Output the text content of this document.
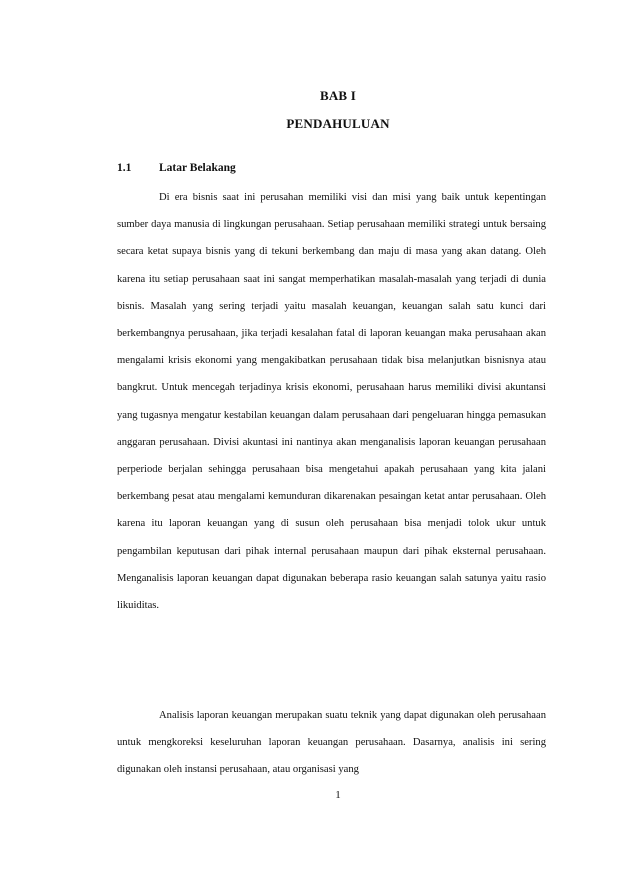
BAB I
PENDAHULUAN
1.1 Latar Belakang

Di era bisnis saat ini perusahan memiliki visi dan misi yang baik untuk kepentingan sumber daya manusia di lingkungan perusahaan. Setiap perusahaan memiliki strategi untuk bersaing secara ketat supaya bisnis yang di tekuni berkembang dan maju di masa yang akan datang. Oleh karena itu setiap perusahaan saat ini sangat memperhatikan masalah-masalah yang terjadi di dunia bisnis. Masalah yang sering terjadi yaitu masalah keuangan, keuangan salah satu kunci dari berkembangnya perusahaan, jika terjadi kesalahan fatal di laporan keuangan maka perusahaan akan mengalami krisis ekonomi yang mengakibatkan perusahaan tidak bisa melanjutkan bisnisnya atau bangkrut. Untuk mencegah terjadinya krisis ekonomi, perusahaan harus memiliki divisi akuntansi yang tugasnya mengatur kestabilan keuangan dalam perusahaan dari pengeluaran hingga pemasukan anggaran perusahaan. Divisi akuntasi ini nantinya akan menganalisis laporan keuangan perusahaan perperiode berjalan sehingga perusahaan bisa mengetahui apakah perusahaan yang kita jalani berkembang pesat atau mengalami kemunduran dikarenakan pesaingan ketat antar perusahaan. Oleh karena itu laporan keuangan yang di susun oleh perusahaan bisa menjadi tolok ukur untuk pengambilan keputusan dari pihak internal perusahaan maupun dari pihak eksternal perusahaan. Menganalisis laporan keuangan dapat digunakan beberapa rasio keuangan salah satunya yaitu rasio likuiditas.

Analisis laporan keuangan merupakan suatu teknik yang dapat digunakan oleh perusahaan untuk mengkoreksi keseluruhan laporan keuangan perusahaan. Dasarnya, analisis ini sering digunakan oleh instansi perusahaan, atau organisasi yang

1
